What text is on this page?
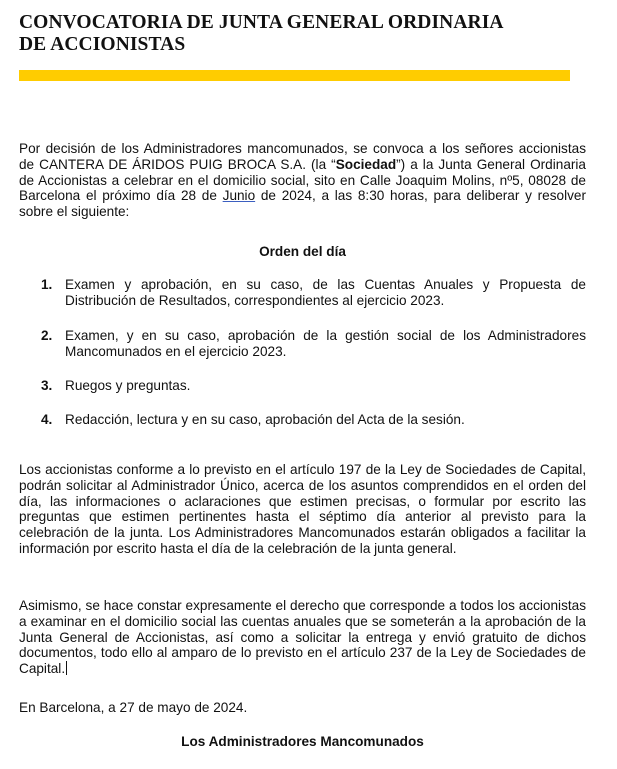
CONVOCATORIA DE JUNTA GENERAL ORDINARIA
DE ACCIONISTAS

Por decisión de los Administradores mancomunados, se convoca a los señores accionistas de CANTERA DE ÁRIDOS PUIG BROCA S.A. (la “Sociedad”) a la Junta General Ordinaria de Accionistas a celebrar en el domicilio social, sito en Calle Joaquim Molins, nº5, 08028 de Barcelona el próximo día 28 de Junio de 2024, a las 8:30 horas, para deliberar y resolver sobre el siguiente:

Orden del día

1. Examen y aprobación, en su caso, de las Cuentas Anuales y Propuesta de Distribución de Resultados, correspondientes al ejercicio 2023.
2. Examen, y en su caso, aprobación de la gestión social de los Administradores Mancomunados en el ejercicio 2023.
3. Ruegos y preguntas.
4. Redacción, lectura y en su caso, aprobación del Acta de la sesión.

Los accionistas conforme a lo previsto en el artículo 197 de la Ley de Sociedades de Capital, podrán solicitar al Administrador Único, acerca de los asuntos comprendidos en el orden del día, las informaciones o aclaraciones que estimen precisas, o formular por escrito las preguntas que estimen pertinentes hasta el séptimo día anterior al previsto para la celebración de la junta. Los Administradores Mancomunados estarán obligados a facilitar la información por escrito hasta el día de la celebración de la junta general.

Asimismo, se hace constar expresamente el derecho que corresponde a todos los accionistas a examinar en el domicilio social las cuentas anuales que se someterán a la aprobación de la Junta General de Accionistas, así como a solicitar la entrega y envió gratuito de dichos documentos, todo ello al amparo de lo previsto en el artículo 237 de la Ley de Sociedades de Capital.

En Barcelona, a 27 de mayo de 2024.

Los Administradores Mancomunados
